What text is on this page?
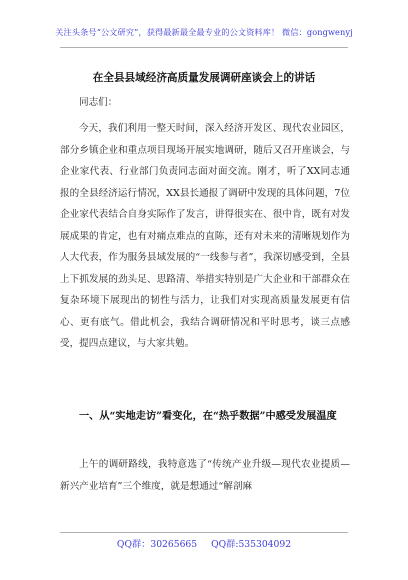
关注头条号“公文研究”，获得最新最全最专业的公文资料库！ 微信：gongwenyj
在全县县域经济高质量发展调研座谈会上的讲话
同志们：
今天，我们利用一整天时间，深入经济开发区、现代农业园区，部分乡镇企业和重点项目现场开展实地调研，随后又召开座谈会，与企业家代表、行业部门负责同志面对面交流。刚才，听了XX同志通报的全县经济运行情况，XX县长通报了调研中发现的具体问题，7位企业家代表结合自身实际作了发言，讲得很实在、很中肯，既有对发展成果的肯定，也有对痛点难点的直陈，还有对未来的清晰规划作为人大代表，作为服务县域发展的“一线参与者”，我深切感受到，全县上下抓发展的劲头足、思路清、举措实特别是广大企业和干部群众在复杂环境下展现出的韧性与活力，让我们对实现高质量发展更有信心、更有底气。借此机会，我结合调研情况和平时思考，谈三点感受，提四点建议，与大家共勉。
一、从“实地走访”看变化，在“热乎数据”中感受发展温度
上午的调研路线，我特意选了“传统产业升级—现代农业提质—新兴产业培育”三个维度，就是想通过“解剖麻
QQ群：30265665 QQ群:535304092
